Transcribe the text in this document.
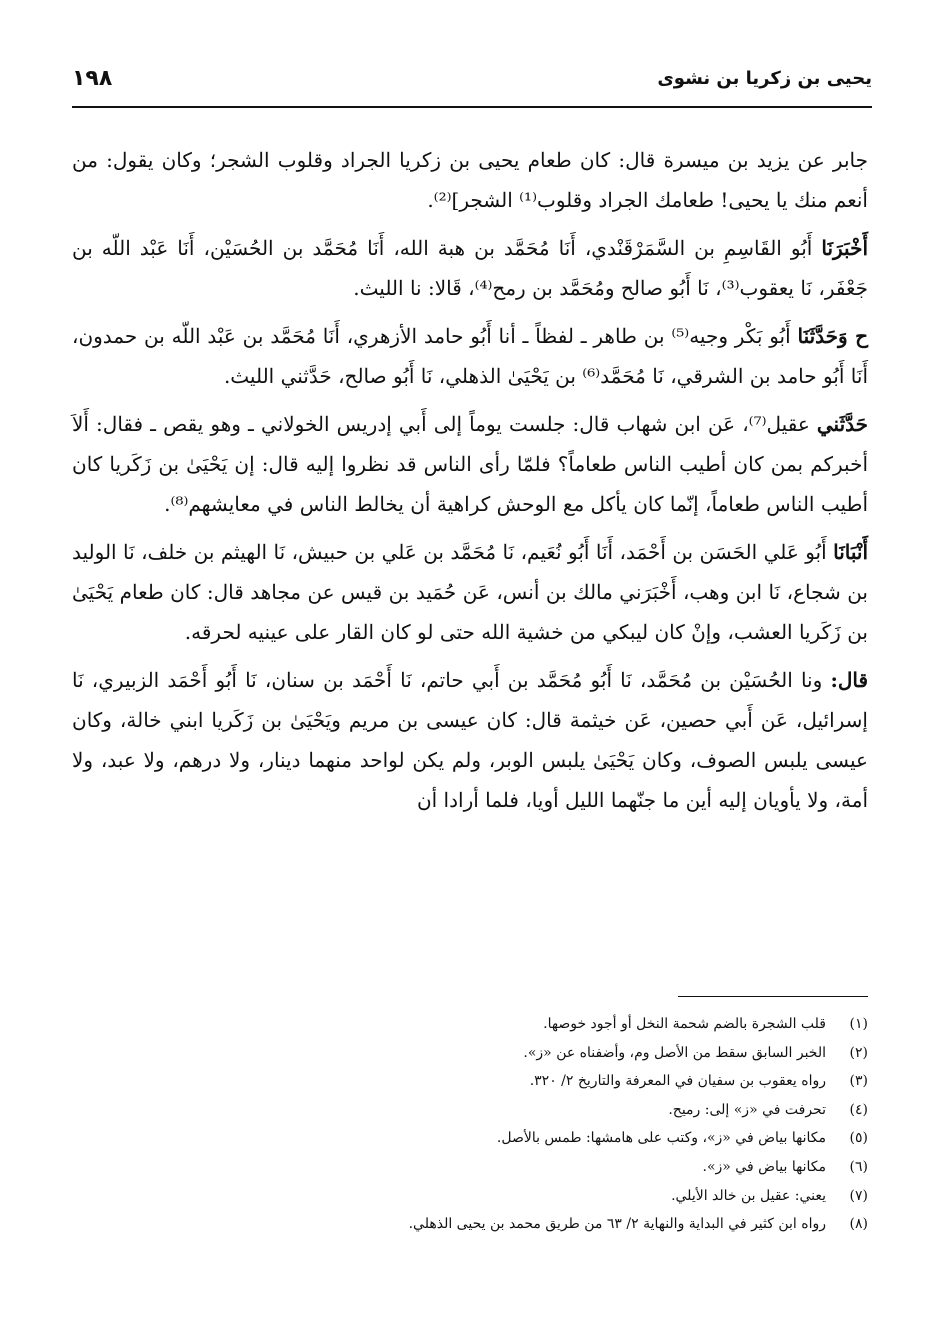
يحيى بن زكريا بن نشوى
١٩٨

جابر عن يزيد بن ميسرة قال: كان طعام يحيى بن زكريا الجراد وقلوب الشجر؛ وكان يقول: من أنعم منك يا يحيى! طعامك الجراد وقلوب⁽¹⁾ الشجر]⁽²⁾.

أَخْبَرَنَا أَبُو القَاسِمِ بن السَّمَرْقَنْدي، أَنَا مُحَمَّد بن هبة الله، أَنَا مُحَمَّد بن الحُسَيْن، أَنَا عَبْد اللّه بن جَعْفَر، نَا يعقوب⁽³⁾، نَا أَبُو صالح ومُحَمَّد بن رمح⁽⁴⁾، قَالا: نا الليث.

ح وَحَدَّثَنَا أَبُو بَكْر وجيه⁽⁵⁾ بن طاهر ـ لفظاً ـ أنا أَبُو حامد الأزهري، أَنَا مُحَمَّد بن عَبْد اللّه بن حمدون، أَنَا أَبُو حامد بن الشرقي، نَا مُحَمَّد⁽⁶⁾ بن يَحْيَىٰ الذهلي، نَا أَبُو صالح، حَدَّثني الليث.

حَدَّثَني عقيل⁽⁷⁾، عَن ابن شهاب قال: جلست يوماً إلى أَبي إدريس الخولاني ـ وهو يقص ـ فقال: أَلاَ أخبركم بمن كان أطيب الناس طعاماً؟ فلمّا رأى الناس قد نظروا إليه قال: إن يَحْيَىٰ بن زَكَريا كان أطيب الناس طعاماً، إنّما كان يأكل مع الوحش كراهية أن يخالط الناس في معايشهم⁽⁸⁾.

أَنْبَانَا أَبُو عَلي الحَسَن بن أَحْمَد، أَنَا أَبُو نُعَيم، نَا مُحَمَّد بن عَلي بن حبيش، نَا الهيثم بن خلف، نَا الوليد بن شجاع، نَا ابن وهب، أَخْبَرَني مالك بن أنس، عَن حُمَيد بن قيس عن مجاهد قال: كان طعام يَحْيَىٰ بن زَكَريا العشب، وإنْ كان ليبكي من خشية الله حتى لو كان القار على عينيه لحرقه.

قال: ونا الحُسَيْن بن مُحَمَّد، نَا أَبُو مُحَمَّد بن أَبي حاتم، نَا أَحْمَد بن سنان، نَا أَبُو أَحْمَد الزبيري، نَا إسرائيل، عَن أَبي حصين، عَن خيثمة قال: كان عيسى بن مريم ويَحْيَىٰ بن زَكَريا ابني خالة، وكان عيسى يلبس الصوف، وكان يَحْيَىٰ يلبس الوبر، ولم يكن لواحد منهما دينار، ولا درهم، ولا عبد، ولا أمة، ولا يأويان إليه أين ما جنّهما الليل أويا، فلما أرادا أن

(١)
قلب الشجرة بالضم شحمة النخل أو أجود خوصها.
(٢)
الخبر السابق سقط من الأصل وم، وأضفناه عن «ز».
(٣)
رواه يعقوب بن سفيان في المعرفة والتاريخ ٢/ ٣٢٠.
(٤)
تحرفت في «ز» إلى: رميح.
(٥)
مكانها بياض في «ز»، وكتب على هامشها: طمس بالأصل.
(٦)
مكانها بياض في «ز».
(٧)
يعني: عقيل بن خالد الأيلي.
(٨)
رواه ابن كثير في البداية والنهاية ٢/ ٦٣ من طريق محمد بن يحيى الذهلي.
